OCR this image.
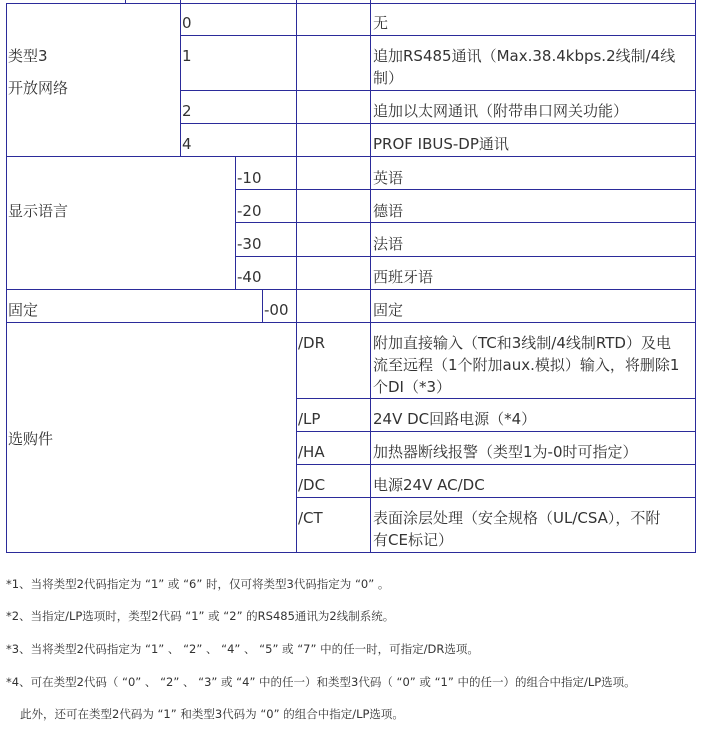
类型3
开放网络
0	无
1	追加RS485通讯（Max.38.4kbps.2线制/4线
制）
2	追加以太网通讯（附带串口网关功能）
4	PROF IBUS-DP通讯
显示语言
-10	英语
-20	德语
-30	法语
-40	西班牙语
固定	-00	固定
选购件
/DR	附加直接输入（TC和3线制/4线制RTD）及电
流至远程（1个附加aux.模拟）输入，将删除1
个DI（*3）
/LP	24V DC回路电源（*4）
/HA	加热器断线报警（类型1为-0时可指定）
/DC	电源24V AC/DC
/CT	表面涂层处理（安全规格（UL/CSA），不附
有CE标记）
*1、当将类型2代码指定为 “1” 或 “6” 时，仅可将类型3代码指定为 “0” 。
*2、当指定/LP选项时，类型2代码 “1” 或 “2” 的RS485通讯为2线制系统。
*3、当将类型2代码指定为 “1” 、 “2” 、 “4” 、 “5” 或 “7” 中的任一时，可指定/DR选项。
*4、可在类型2代码（ “0” 、 “2” 、 “3” 或 “4” 中的任一）和类型3代码（ “0” 或 “1” 中的任一）的组合中指定/LP选项。
此外，还可在类型2代码为 “1” 和类型3代码为 “0” 的组合中指定/LP选项。
